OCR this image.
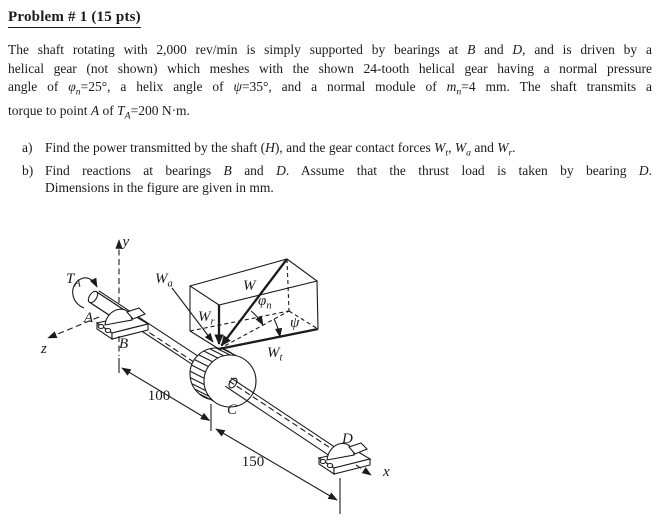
Problem # 1 (15 pts)
The shaft rotating with 2,000 rev/min is simply supported by bearings at B and D, and is driven by a
helical gear (not shown) which meshes with the shown 24-tooth helical gear having a normal pressure
angle of $\varphi_n=25^\circ$, a helix angle of ψ=35°, and a normal module of $m_n=4$ mm. The shaft transmits a
torque to point A of $T_A=200$ N·m.
a) Find the power transmitted by the shaft (H), and the gear contact forces $W_t$, $W_a$ and $W_r$.
b) Find reactions at bearings B and D. Assume that the thrust load is taken by bearing D.
Dimensions in the figure are given in mm.
y
z
x
$T_A$
A
B
C
D
W
$W_a$
$W_r$
$W_t$
$\varphi_n$
ψ
100
150
